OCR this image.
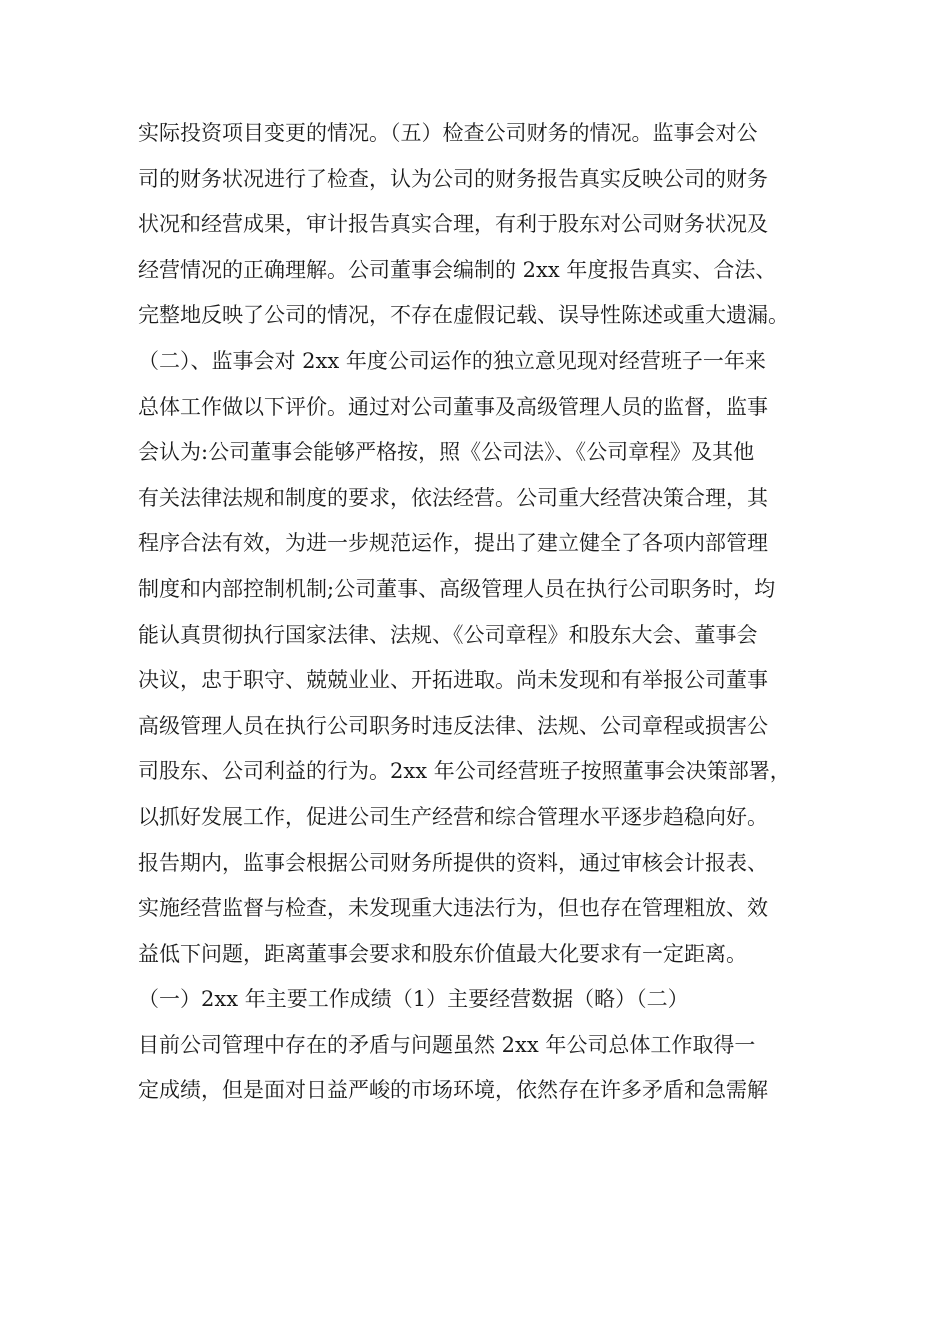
实际投资项目变更的情况。（五）检查公司财务的情况。监事会对公
司的财务状况进行了检查，认为公司的财务报告真实反映公司的财务
状况和经营成果，审计报告真实合理，有利于股东对公司财务状况及
经营情况的正确理解。公司董事会编制的 2xx 年度报告真实、合法、
完整地反映了公司的情况，不存在虚假记载、误导性陈述或重大遗漏。
（二）、监事会对 2xx 年度公司运作的独立意见现对经营班子一年来
总体工作做以下评价。通过对公司董事及高级管理人员的监督，监事
会认为:公司董事会能够严格按，照《公司法》、《公司章程》及其他
有关法律法规和制度的要求，依法经营。公司重大经营决策合理，其
程序合法有效，为进一步规范运作，提出了建立健全了各项内部管理
制度和内部控制机制;公司董事、高级管理人员在执行公司职务时，均
能认真贯彻执行国家法律、法规、《公司章程》和股东大会、董事会
决议，忠于职守、兢兢业业、开拓进取。尚未发现和有举报公司董事
高级管理人员在执行公司职务时违反法律、法规、公司章程或损害公
司股东、公司利益的行为。2xx 年公司经营班子按照董事会决策部署，
以抓好发展工作，促进公司生产经营和综合管理水平逐步趋稳向好。
报告期内，监事会根据公司财务所提供的资料，通过审核会计报表、
实施经营监督与检查，未发现重大违法行为，但也存在管理粗放、效
益低下问题，距离董事会要求和股东价值最大化要求有一定距离。
（一）2xx 年主要工作成绩（1）主要经营数据（略）（二）
目前公司管理中存在的矛盾与问题虽然 2xx 年公司总体工作取得一
定成绩，但是面对日益严峻的市场环境，依然存在许多矛盾和急需解
